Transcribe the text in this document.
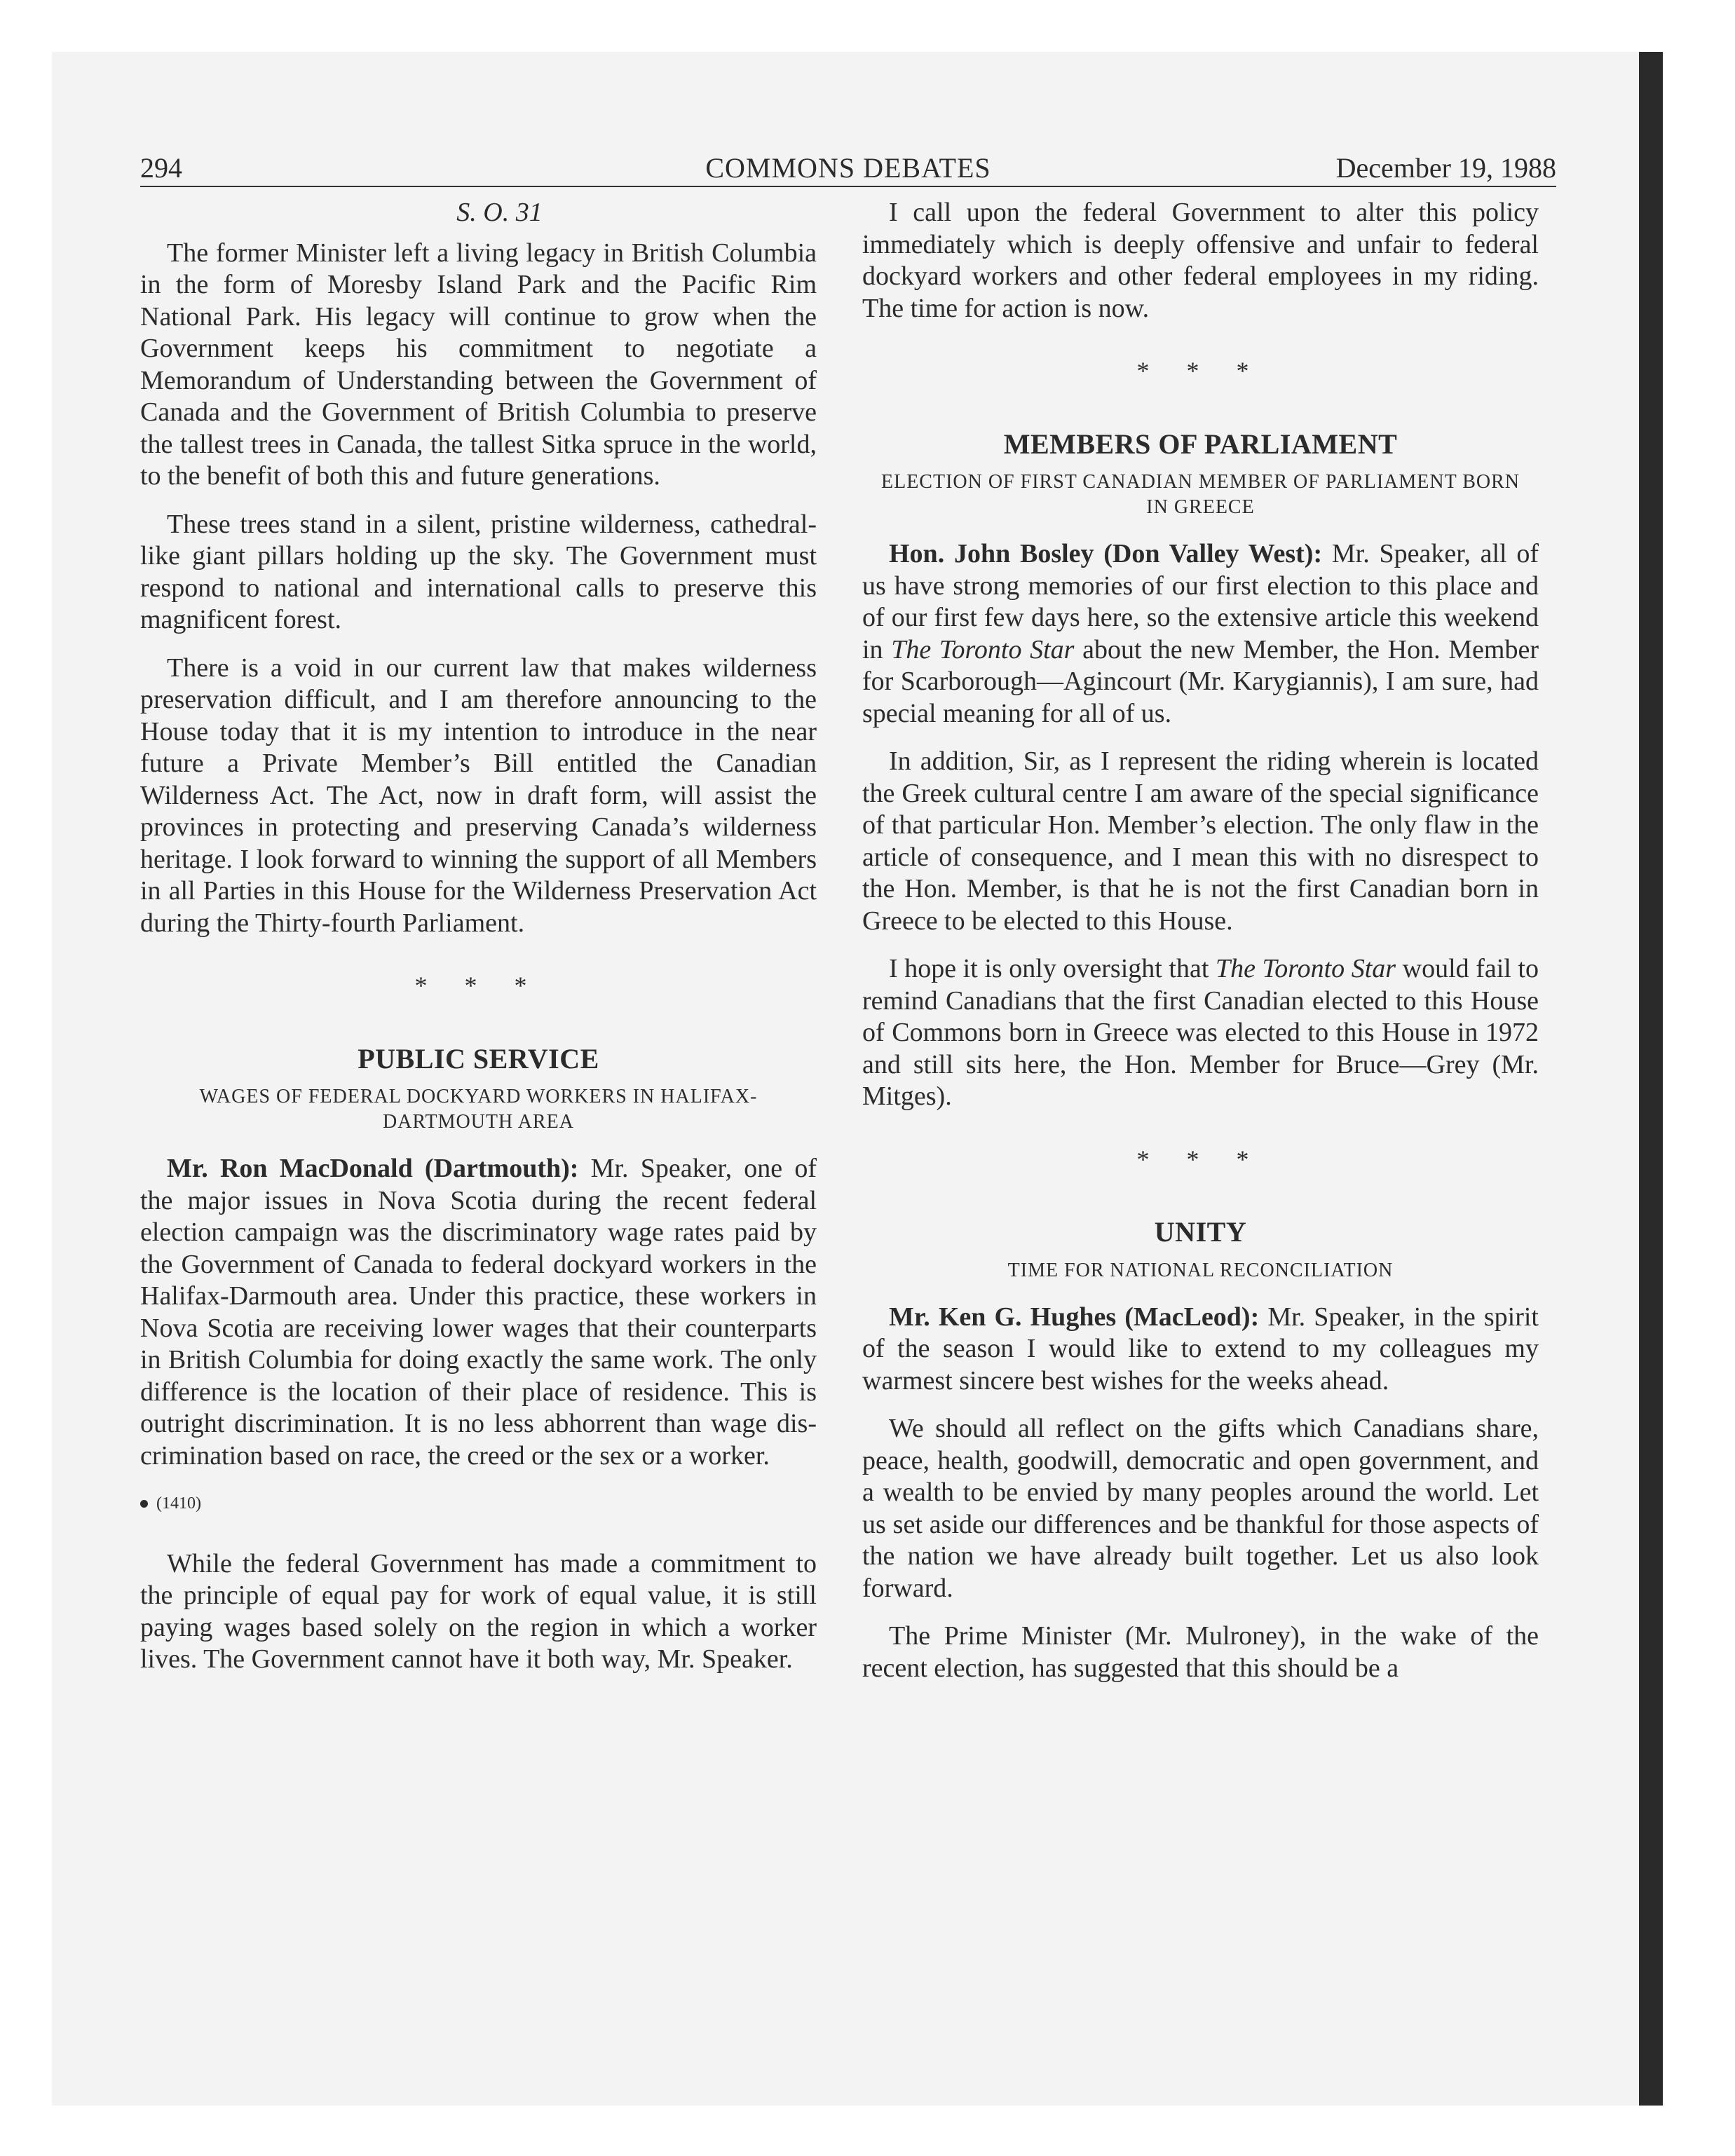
294	COMMONS DEBATES	December 19, 1988
S. O. 31

The former Minister left a living legacy in British Columbia in the form of Moresby Island Park and the Pacific Rim National Park. His legacy will continue to grow when the Government keeps his commitment to negotiate a Memorandum of Understanding between the Government of Canada and the Government of British Columbia to preserve the tallest trees in Canada, the tallest Sitka spruce in the world, to the benefit of both this and future generations.

These trees stand in a silent, pristine wilderness, cathedral-like giant pillars holding up the sky. The Government must respond to national and international calls to preserve this magnificent forest.

There is a void in our current law that makes wilderness preservation difficult, and I am therefore announcing to the House today that it is my intention to introduce in the near future a Private Member’s Bill entitled the Canadian Wilderness Act. The Act, now in draft form, will assist the provinces in protecting and preserving Canada’s wilderness heritage. I look forward to winning the support of all Members in all Parties in this House for the Wilderness Preservation Act during the Thirty-fourth Parliament.

* * *
PUBLIC SERVICE
WAGES OF FEDERAL DOCKYARD WORKERS IN HALIFAX-DARTMOUTH AREA

Mr. Ron MacDonald (Dartmouth): Mr. Speaker, one of the major issues in Nova Scotia during the recent federal election campaign was the discriminatory wage rates paid by the Government of Canada to federal dockyard workers in the Halifax-Darmouth area. Under this practice, these workers in Nova Scotia are receiving lower wages that their counterparts in British Columbia for doing exactly the same work. The only difference is the location of their place of residence. This is outright discrimination. It is no less abhorrent than wage discrimination based on race, the creed or the sex or a worker.

(1410)

While the federal Government has made a commitment to the principle of equal pay for work of equal value, it is still paying wages based solely on the region in which a worker lives. The Government cannot have it both way, Mr. Speaker.

I call upon the federal Government to alter this policy immediately which is deeply offensive and unfair to federal dockyard workers and other federal employees in my riding. The time for action is now.

* * *
MEMBERS OF PARLIAMENT
ELECTION OF FIRST CANADIAN MEMBER OF PARLIAMENT BORN IN GREECE

Hon. John Bosley (Don Valley West): Mr. Speaker, all of us have strong memories of our first election to this place and of our first few days here, so the extensive article this weekend in The Toronto Star about the new Member, the Hon. Member for Scarborough—Agincourt (Mr. Karygiannis), I am sure, had special meaning for all of us.

In addition, Sir, as I represent the riding wherein is located the Greek cultural centre I am aware of the special significance of that particular Hon. Member’s election. The only flaw in the article of consequence, and I mean this with no disrespect to the Hon. Member, is that he is not the first Canadian born in Greece to be elected to this House.

I hope it is only oversight that The Toronto Star would fail to remind Canadians that the first Canadian elected to this House of Commons born in Greece was elected to this House in 1972 and still sits here, the Hon. Member for Bruce—Grey (Mr. Mitges).

* * *
UNITY
TIME FOR NATIONAL RECONCILIATION

Mr. Ken G. Hughes (MacLeod): Mr. Speaker, in the spirit of the season I would like to extend to my colleagues my warmest sincere best wishes for the weeks ahead.

We should all reflect on the gifts which Canadians share, peace, health, goodwill, democratic and open government, and a wealth to be envied by many peoples around the world. Let us set aside our differences and be thankful for those aspects of the nation we have already built together. Let us also look forward.

The Prime Minister (Mr. Mulroney), in the wake of the recent election, has suggested that this should be a
